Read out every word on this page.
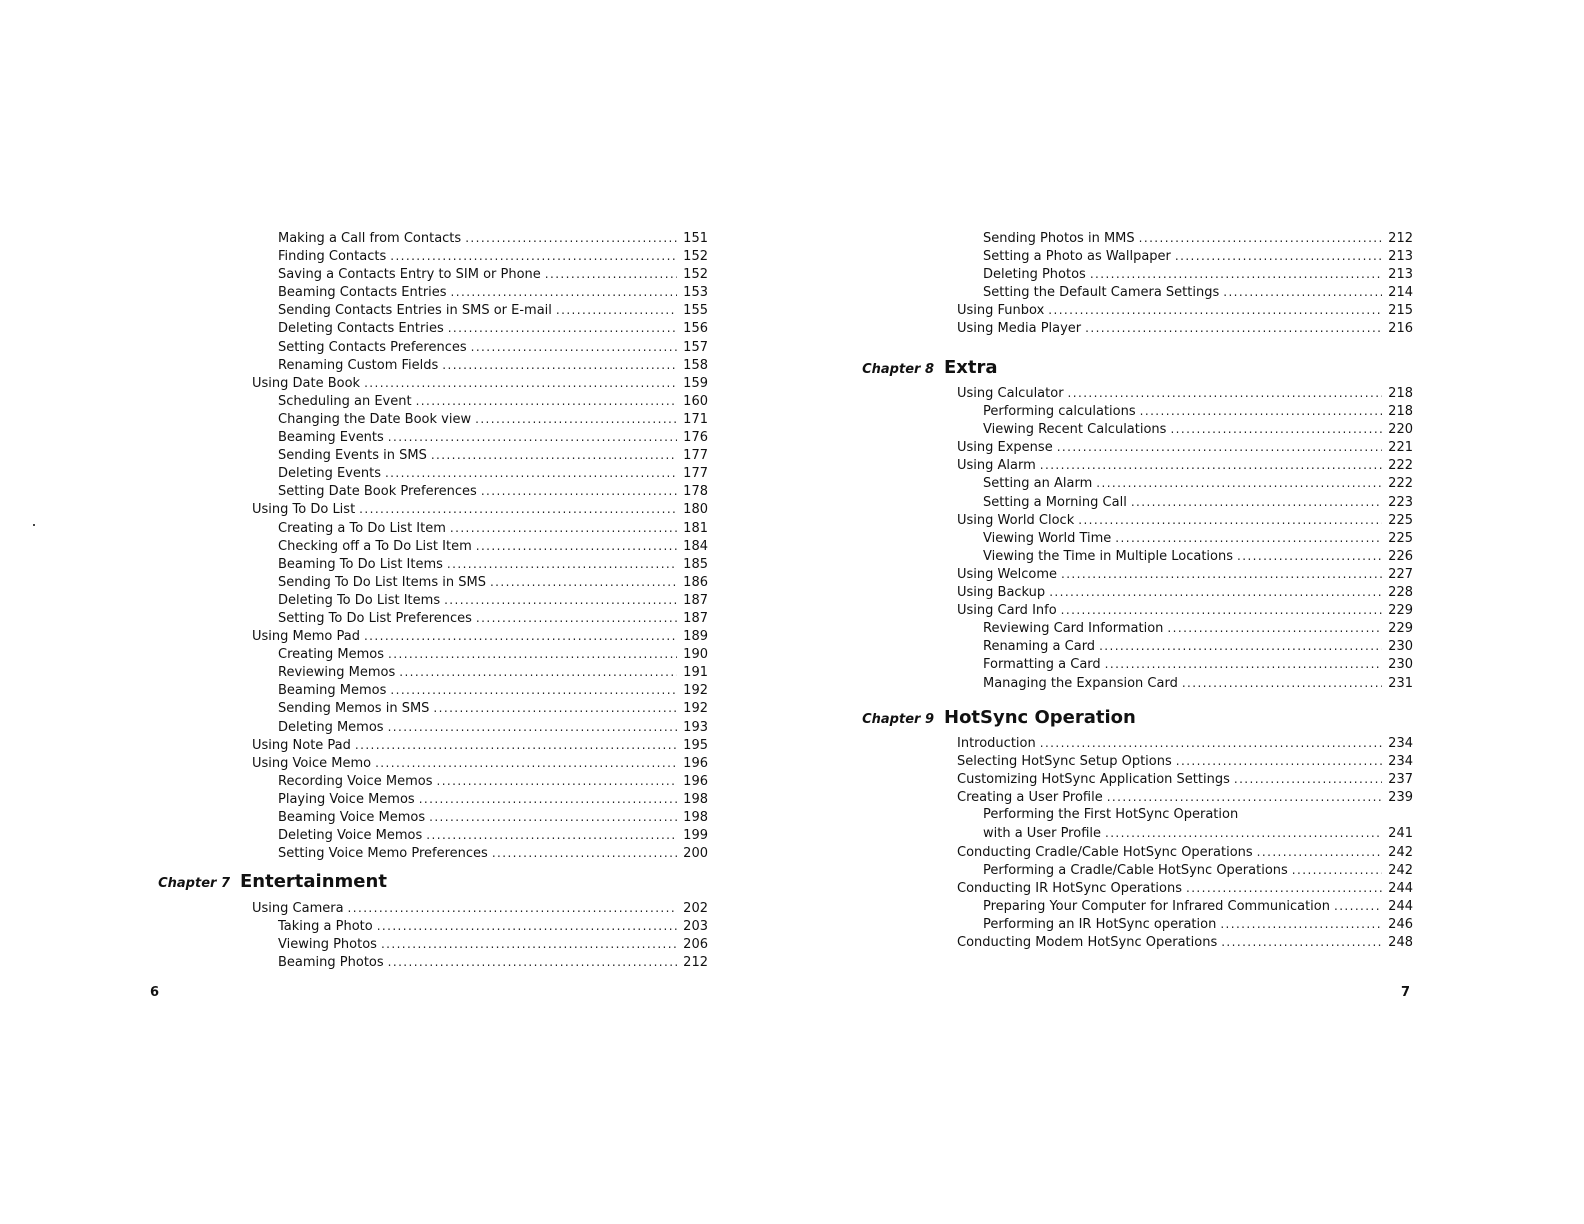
Making a Call from Contacts .....	151
Finding Contacts .....	152
Saving a Contacts Entry to SIM or Phone .....	152
Beaming Contacts Entries .....	153
Sending Contacts Entries in SMS or E-mail .....	155
Deleting Contacts Entries .....	156
Setting Contacts Preferences .....	157
Renaming Custom Fields .....	158
Using Date Book .....	159
Scheduling an Event .....	160
Changing the Date Book view .....	171
Beaming Events .....	176
Sending Events in SMS .....	177
Deleting Events .....	177
Setting Date Book Preferences .....	178
Using To Do List .....	180
Creating a To Do List Item .....	181
Checking off a To Do List Item .....	184
Beaming To Do List Items .....	185
Sending To Do List Items in SMS .....	186
Deleting To Do List Items .....	187
Setting To Do List Preferences .....	187
Using Memo Pad .....	189
Creating Memos .....	190
Reviewing Memos .....	191
Beaming Memos .....	192
Sending Memos in SMS .....	192
Deleting Memos .....	193
Using Note Pad .....	195
Using Voice Memo .....	196
Recording Voice Memos .....	196
Playing Voice Memos .....	198
Beaming Voice Memos .....	198
Deleting Voice Memos .....	199
Setting Voice Memo Preferences .....	200
Chapter 7 Entertainment
Using Camera .....	202
Taking a Photo .....	203
Viewing Photos .....	206
Beaming Photos .....	212
6
Sending Photos in MMS .....	212
Setting a Photo as Wallpaper .....	213
Deleting Photos .....	213
Setting the Default Camera Settings .....	214
Using Funbox .....	215
Using Media Player .....	216
Chapter 8 Extra
Using Calculator .....	218
Performing calculations .....	218
Viewing Recent Calculations .....	220
Using Expense .....	221
Using Alarm .....	222
Setting an Alarm .....	222
Setting a Morning Call .....	223
Using World Clock .....	225
Viewing World Time .....	225
Viewing the Time in Multiple Locations .....	226
Using Welcome .....	227
Using Backup .....	228
Using Card Info .....	229
Reviewing Card Information .....	229
Renaming a Card .....	230
Formatting a Card .....	230
Managing the Expansion Card .....	231
Chapter 9 HotSync Operation
Introduction .....	234
Selecting HotSync Setup Options .....	234
Customizing HotSync Application Settings .....	237
Creating a User Profile .....	239
Performing the First HotSync Operation
with a User Profile .....	241
Conducting Cradle/Cable HotSync Operations .....	242
Performing a Cradle/Cable HotSync Operations .....	242
Conducting IR HotSync Operations .....	244
Preparing Your Computer for Infrared Communication .....	244
Performing an IR HotSync operation .....	246
Conducting Modem HotSync Operations .....	248
7
